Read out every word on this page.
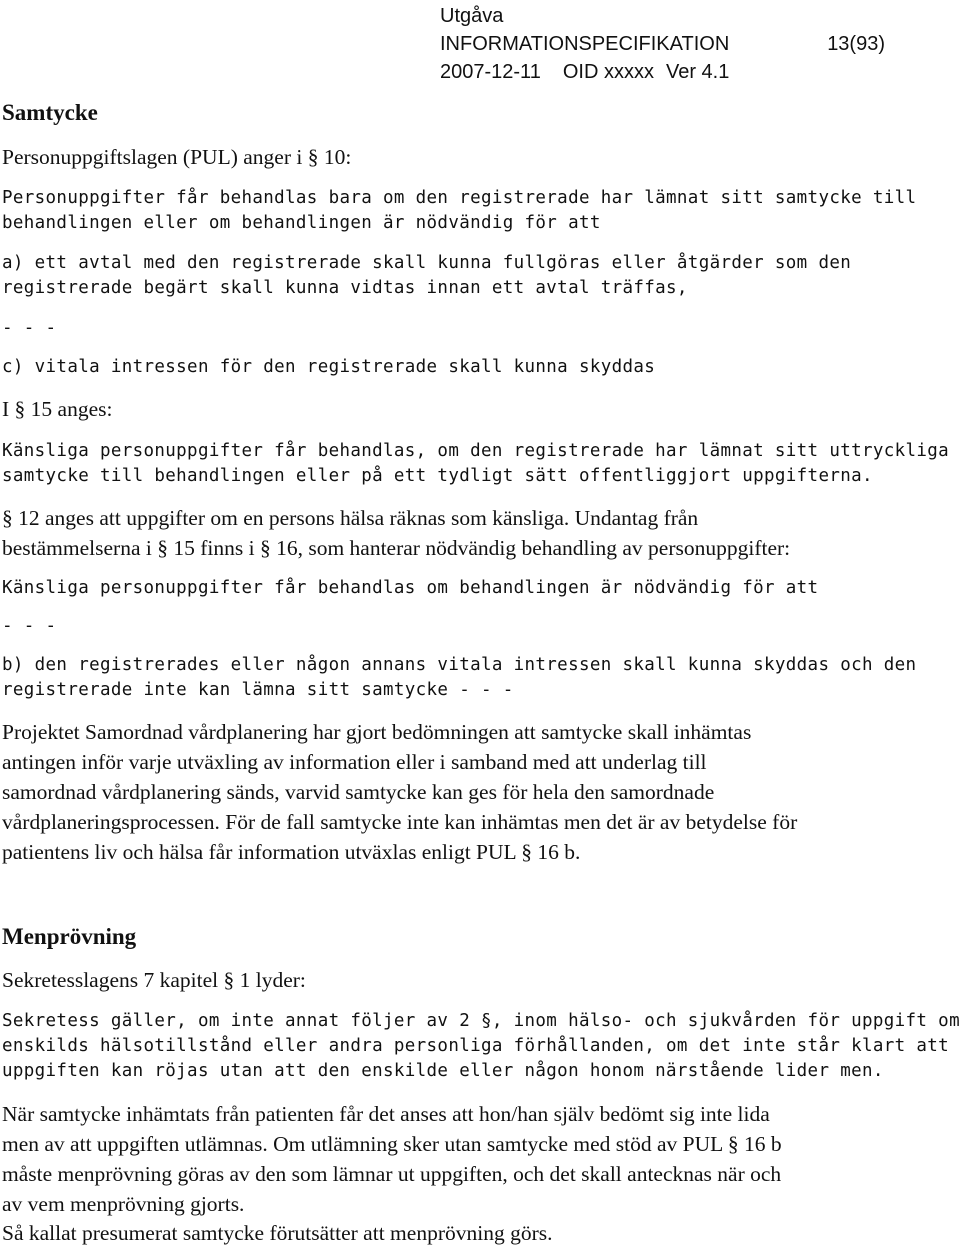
Utgåva
INFORMATIONSPECIFIKATION	13(93)
2007-12-11 OID xxxxx Ver 4.1
Samtycke
Personuppgiftslagen (PUL) anger i § 10:
Personuppgifter får behandlas bara om den registrerade har lämnat sitt samtycke till
behandlingen eller om behandlingen är nödvändig för att
a) ett avtal med den registrerade skall kunna fullgöras eller åtgärder som den
registrerade begärt skall kunna vidtas innan ett avtal träffas,
- - -
c) vitala intressen för den registrerade skall kunna skyddas
I § 15 anges:
Känsliga personuppgifter får behandlas, om den registrerade har lämnat sitt uttryckliga
samtycke till behandlingen eller på ett tydligt sätt offentliggjort uppgifterna.
§ 12 anges att uppgifter om en persons hälsa räknas som känsliga. Undantag från
bestämmelserna i § 15 finns i § 16, som hanterar nödvändig behandling av personuppgifter:
Känsliga personuppgifter får behandlas om behandlingen är nödvändig för att
- - -
b) den registrerades eller någon annans vitala intressen skall kunna skyddas och den
registrerade inte kan lämna sitt samtycke - - -
Projektet Samordnad vårdplanering har gjort bedömningen att samtycke skall inhämtas
antingen inför varje utväxling av information eller i samband med att underlag till
samordnad vårdplanering sänds, varvid samtycke kan ges för hela den samordnade
vårdplaneringsprocessen. För de fall samtycke inte kan inhämtas men det är av betydelse för
patientens liv och hälsa får information utväxlas enligt PUL § 16 b.
Menprövning
Sekretesslagens 7 kapitel § 1 lyder:
Sekretess gäller, om inte annat följer av 2 §, inom hälso- och sjukvården för uppgift om
enskilds hälsotillstånd eller andra personliga förhållanden, om det inte står klart att
uppgiften kan röjas utan att den enskilde eller någon honom närstående lider men.
När samtycke inhämtats från patienten får det anses att hon/han själv bedömt sig inte lida
men av att uppgiften utlämnas. Om utlämning sker utan samtycke med stöd av PUL § 16 b
måste menprövning göras av den som lämnar ut uppgiften, och det skall antecknas när och
av vem menprövning gjorts.
Så kallat presumerat samtycke förutsätter att menprövning görs.
